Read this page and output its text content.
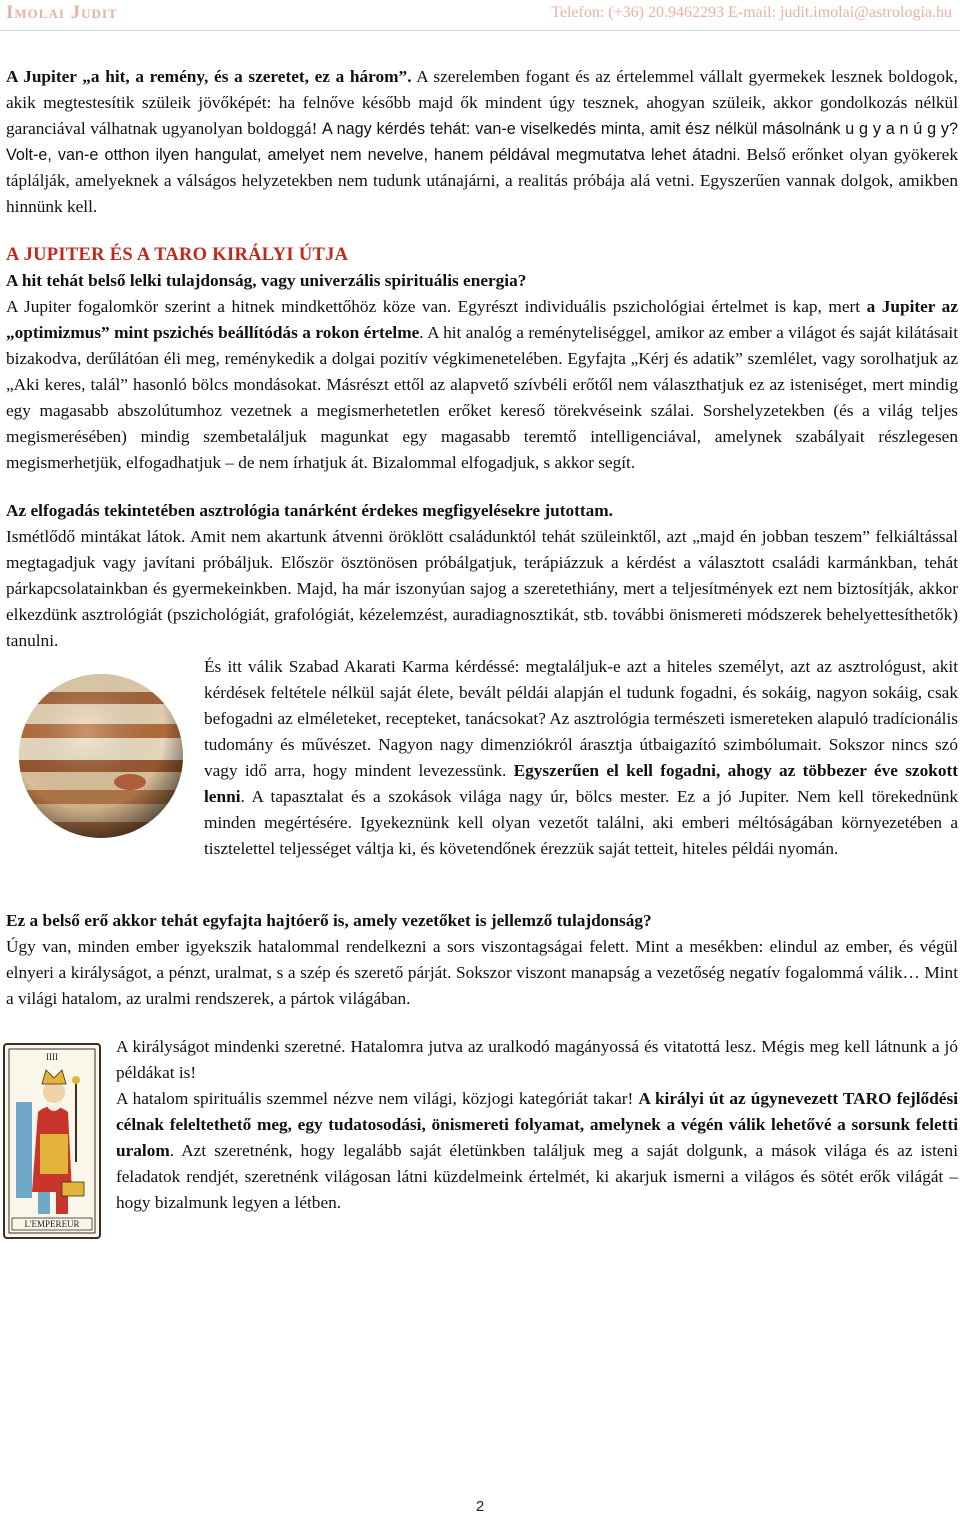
Imolai Judit	Telefon: (+36) 20.9462293 E-mail: judit.imolai@astrologia.hu

A Jupiter „a hit, a remény, és a szeretet, ez a három”. A szerelemben fogant és az értelemmel vállalt gyermekek lesznek boldogok, akik megtestesítik szüleik jövőképét: ha felnőve később majd ők mindent úgy tesznek, ahogyan szüleik, akkor gondolkozás nélkül garanciával válhatnak ugyanolyan boldoggá! A nagy kérdés tehát: van-e viselkedés minta, amit ész nélkül másolnánk u g y a n ú g y? Volt-e, van-e otthon ilyen hangulat, amelyet nem nevelve, hanem példával megmutatva lehet átadni. Belső erőnket olyan gyökerek táplálják, amelyeknek a válságos helyzetekben nem tudunk utánajárni, a realitás próbája alá vetni. Egyszerűen vannak dolgok, amikben hinnünk kell.

A JUPITER ÉS A TARO KIRÁLYI ÚTJA

A hit tehát belső lelki tulajdonság, vagy univerzális spirituális energia?

A Jupiter fogalomkör szerint a hitnek mindkettőhöz köze van. Egyrészt individuális pszichológiai értelmet is kap, mert a Jupiter az „optimizmus” mint pszichés beállítódás a rokon értelme. A hit analóg a reményteliséggel, amikor az ember a világot és saját kilátásait bizakodva, derűlátóan éli meg, reménykedik a dolgai pozitív végkimenetelében. Egyfajta „Kérj és adatik” szemlélet, vagy sorolhatjuk az „Aki keres, talál” hasonló bölcs mondásokat. Másrészt ettől az alapvető szívbéli erőtől nem választhatjuk ez az isteniséget, mert mindig egy magasabb abszolútumhoz vezetnek a megismerhetetlen erőket kereső törekvéseink szálai. Sorshelyzetekben (és a világ teljes megismerésében) mindig szembetaláljuk magunkat egy magasabb teremtő intelligenciával, amelynek szabályait részlegesen megismerhetjük, elfogadhatjuk – de nem írhatjuk át. Bizalommal elfogadjuk, s akkor segít.

Az elfogadás tekintetében asztrológia tanárként érdekes megfigyelésekre jutottam.

Ismétlődő mintákat látok. Amit nem akartunk átvenni öröklött családunktól tehát szüleinktől, azt „majd én jobban teszem” felkiáltással megtagadjuk vagy javítani próbáljuk. Először ösztönösen próbálgatjuk, terápiázzuk a kérdést a választott családi karmánkban, tehát párkapcsolatainkban és gyermekeinkben. Majd, ha már iszonyúan sajog a szeretethiány, mert a teljesítmények ezt nem biztosítják, akkor elkezdünk asztrológiát (pszichológiát, grafológiát, kézelemzést, auradiagnosztikát, stb. további önismereti módszerek behelyettesíthetők) tanulni.

És itt válik Szabad Akarati Karma kérdéssé: megtaláljuk-e azt a hiteles személyt, azt az asztrológust, akit kérdések feltétele nélkül saját élete, bevált példái alapján el tudunk fogadni, és sokáig, nagyon sokáig, csak befogadni az elméleteket, recepteket, tanácsokat? Az asztrológia természeti ismereteken alapuló tradícionális tudomány és művészet. Nagyon nagy dimenziókról árasztja útbaigazító szimbólumait. Sokszor nincs szó vagy idő arra, hogy mindent levezessünk. Egyszerűen el kell fogadni, ahogy az többezer éve szokott lenni. A tapasztalat és a szokások világa nagy úr, bölcs mester. Ez a jó Jupiter. Nem kell törekednünk minden megértésére. Igyekeznünk kell olyan vezetőt találni, aki emberi méltóságában környezetében a tisztelettel teljességet váltja ki, és követendőnek érezzük saját tetteit, hiteles példái nyomán.

Ez a belső erő akkor tehát egyfajta hajtóerő is, amely vezetőket is jellemző tulajdonság?

Úgy van, minden ember igyekszik hatalommal rendelkezni a sors viszontagságai felett. Mint a mesékben: elindul az ember, és végül elnyeri a királyságot, a pénzt, uralmat, s a szép és szerető párját. Sokszor viszont manapság a vezetőség negatív fogalommá válik… Mint a világi hatalom, az uralmi rendszerek, a pártok világában.

IIII
L'EMPEREUR

A királyságot mindenki szeretné. Hatalomra jutva az uralkodó magányossá és vitatottá lesz. Mégis meg kell látnunk a jó példákat is!

A hatalom spirituális szemmel nézve nem világi, közjogi kategóriát takar! A királyi út az úgynevezett TARO fejlődési célnak feleltethető meg, egy tudatosodási, önismereti folyamat, amelynek a végén válik lehetővé a sorsunk feletti uralom. Azt szeretnénk, hogy legalább saját életünkben találjuk meg a saját dolgunk, a mások világa és az isteni feladatok rendjét, szeretnénk világosan látni küzdelmeink értelmét, ki akarjuk ismerni a világos és sötét erők világát – hogy bizalmunk legyen a létben.

2
